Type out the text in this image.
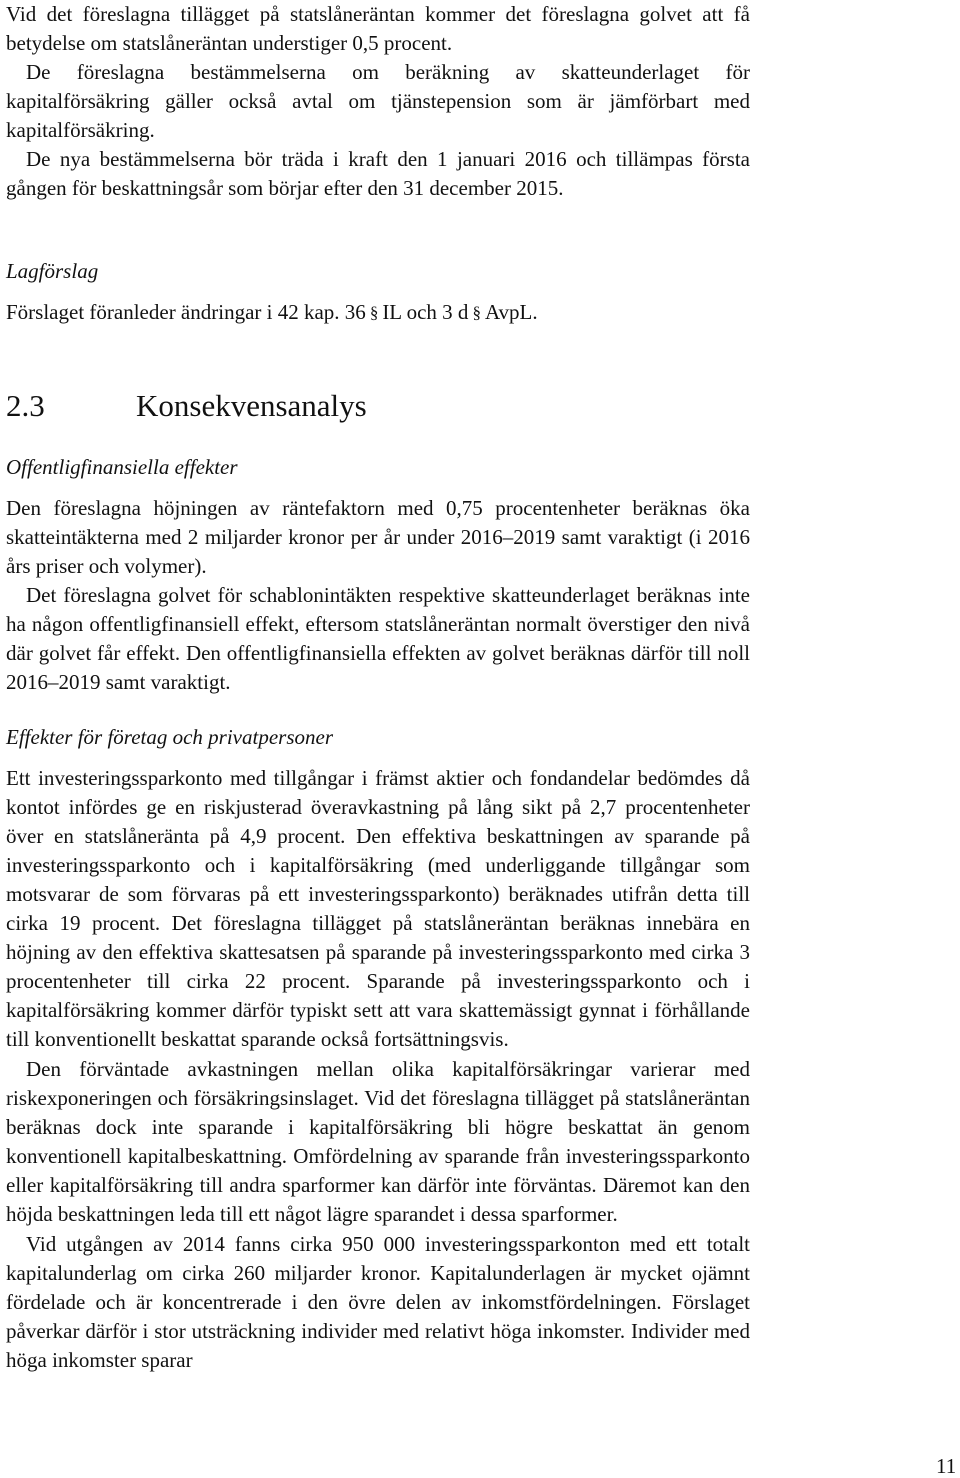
Vid det föreslagna tillägget på statslåneräntan kommer det föreslagna golvet att få betydelse om statslåneräntan understiger 0,5 procent.

De föreslagna bestämmelserna om beräkning av skatteunderlaget för kapitalförsäkring gäller också avtal om tjänstepension som är jämförbart med kapitalförsäkring.

De nya bestämmelserna bör träda i kraft den 1 januari 2016 och tillämpas första gången för beskattningsår som börjar efter den 31 december 2015.

Lagförslag

Förslaget föranleder ändringar i 42 kap. 36 § IL och 3 d § AvpL.

2.3	Konsekvensanalys

Offentligfinansiella effekter

Den föreslagna höjningen av räntefaktorn med 0,75 procentenheter beräknas öka skatteintäkterna med 2 miljarder kronor per år under 2016–2019 samt varaktigt (i 2016 års priser och volymer).

Det föreslagna golvet för schablonintäkten respektive skatteunderlaget beräknas inte ha någon offentligfinansiell effekt, eftersom statslåneräntan normalt överstiger den nivå där golvet får effekt. Den offentligfinansiella effekten av golvet beräknas därför till noll 2016–2019 samt varaktigt.

Effekter för företag och privatpersoner

Ett investeringssparkonto med tillgångar i främst aktier och fondandelar bedömdes då kontot infördes ge en riskjusterad överavkastning på lång sikt på 2,7 procentenheter över en statslåneränta på 4,9 procent. Den effektiva beskattningen av sparande på investeringssparkonto och i kapitalförsäkring (med underliggande tillgångar som motsvarar de som förvaras på ett investeringssparkonto) beräknades utifrån detta till cirka 19 procent. Det föreslagna tillägget på statslåneräntan beräknas innebära en höjning av den effektiva skattesatsen på sparande på investeringssparkonto med cirka 3 procentenheter till cirka 22 procent. Sparande på investeringssparkonto och i kapitalförsäkring kommer därför typiskt sett att vara skattemässigt gynnat i förhållande till konventionellt beskattat sparande också fortsättningsvis.

Den förväntade avkastningen mellan olika kapitalförsäkringar varierar med riskexponeringen och försäkringsinslaget. Vid det föreslagna tillägget på statslåneräntan beräknas dock inte sparande i kapitalförsäkring bli högre beskattat än genom konventionell kapitalbeskattning. Omfördelning av sparande från investeringssparkonto eller kapitalförsäkring till andra sparformer kan därför inte förväntas. Däremot kan den höjda beskattningen leda till ett något lägre sparandet i dessa sparformer.

Vid utgången av 2014 fanns cirka 950 000 investeringssparkonton med ett totalt kapitalunderlag om cirka 260 miljarder kronor. Kapitalunderlagen är mycket ojämnt fördelade och är koncentrerade i den övre delen av inkomstfördelningen. Förslaget påverkar därför i stor utsträckning individer med relativt höga inkomster. Individer med höga inkomster sparar

11
